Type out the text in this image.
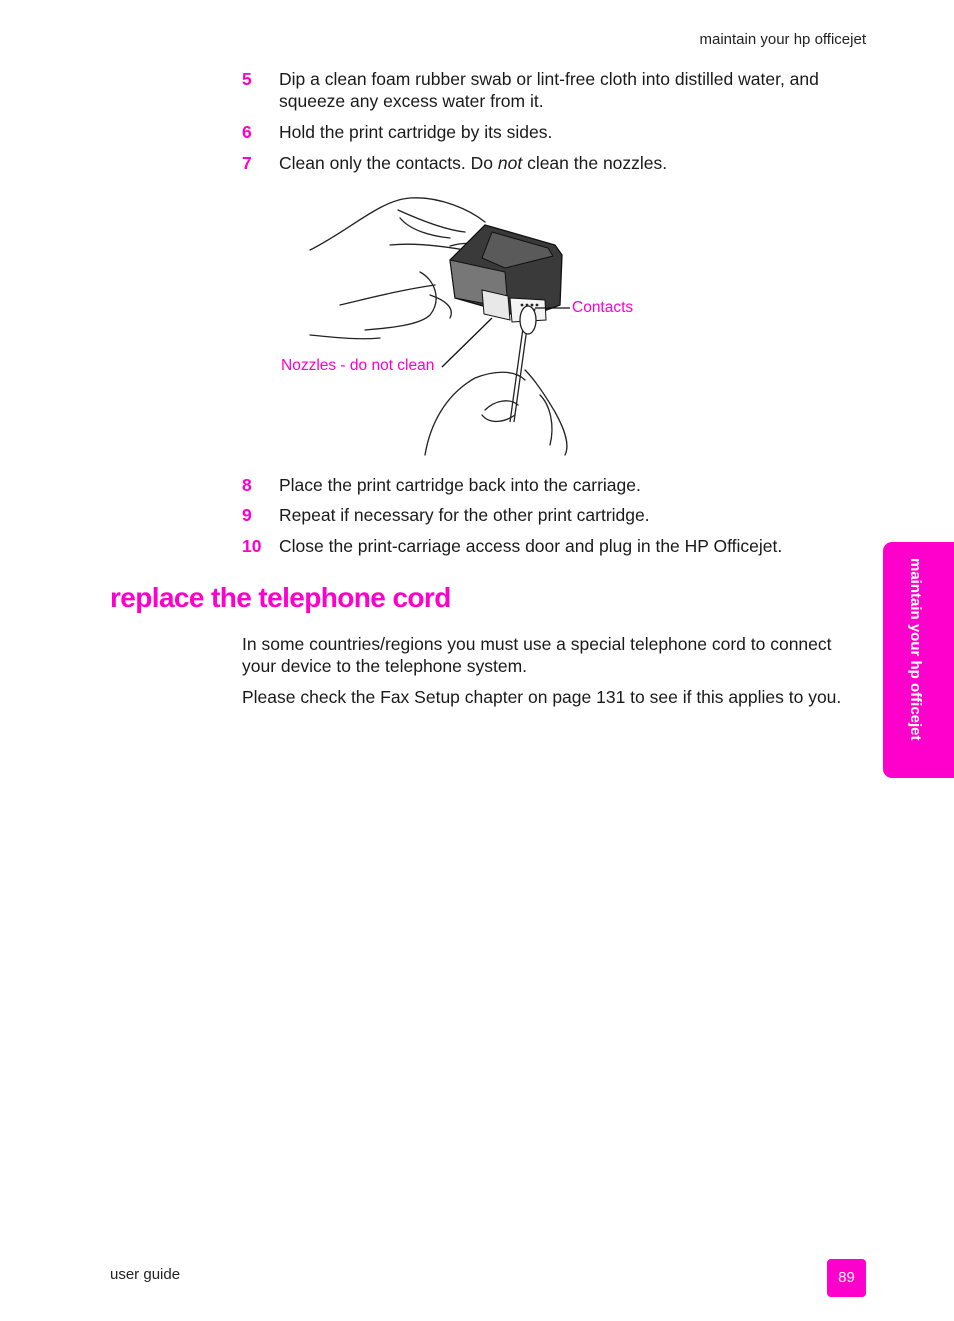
maintain your hp officejet
5 Dip a clean foam rubber swab or lint-free cloth into distilled water, and squeeze any excess water from it.
6 Hold the print cartridge by its sides.
7 Clean only the contacts. Do not clean the nozzles.
Contacts
Nozzles - do not clean
8 Place the print cartridge back into the carriage.
9 Repeat if necessary for the other print cartridge.
10 Close the print-carriage access door and plug in the HP Officejet.
replace the telephone cord
In some countries/regions you must use a special telephone cord to connect your device to the telephone system.
Please check the Fax Setup chapter on page 131 to see if this applies to you.	maintain your hp officejet
user guide	89
